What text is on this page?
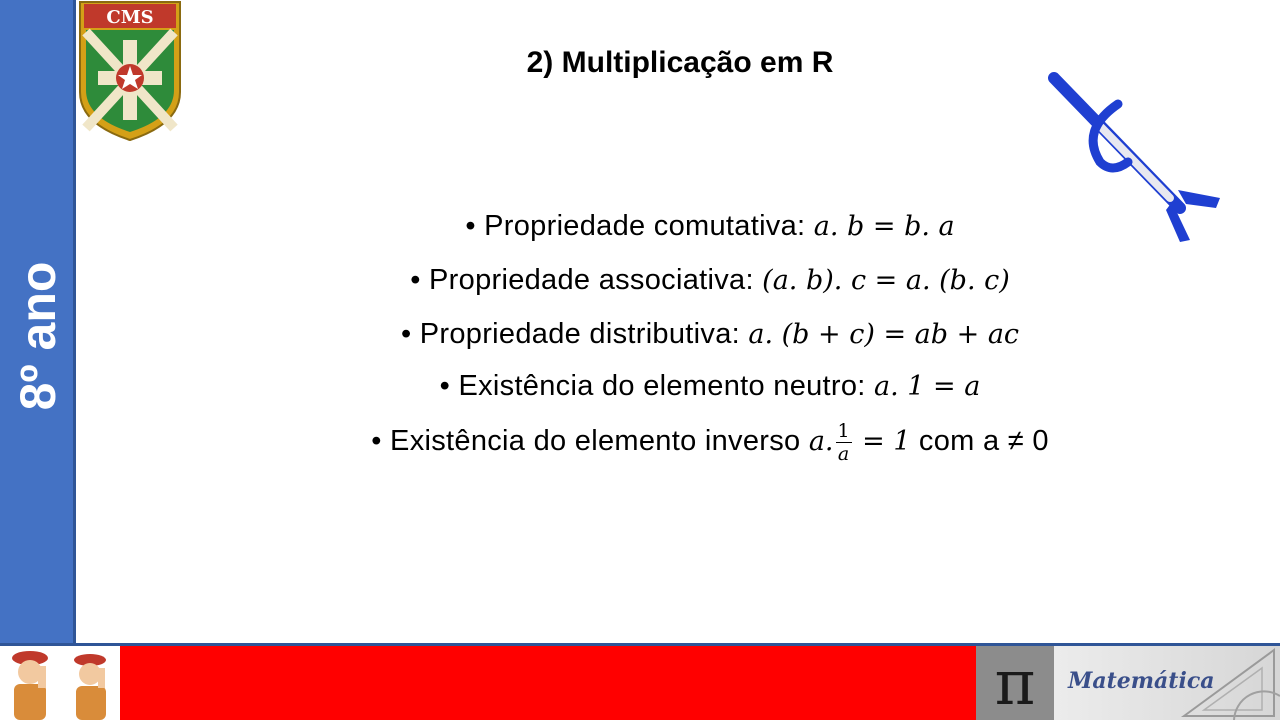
8º ano
CMS
2) Multiplicação em R
• Propriedade comutativa: 𝑎. 𝑏 = 𝑏. 𝑎
• Propriedade associativa: (𝑎. 𝑏). 𝑐 = 𝑎. (𝑏. 𝑐)
• Propriedade distributiva: 𝑎. (𝑏 + 𝑐) = 𝑎𝑏 + 𝑎𝑐
• Existência do elemento neutro: 𝑎. 1 = 𝑎
• Existência do elemento inverso 𝑎. $\frac{1}{\text{𝑎}} = 1$ com a ≠ 0
π Matemática
